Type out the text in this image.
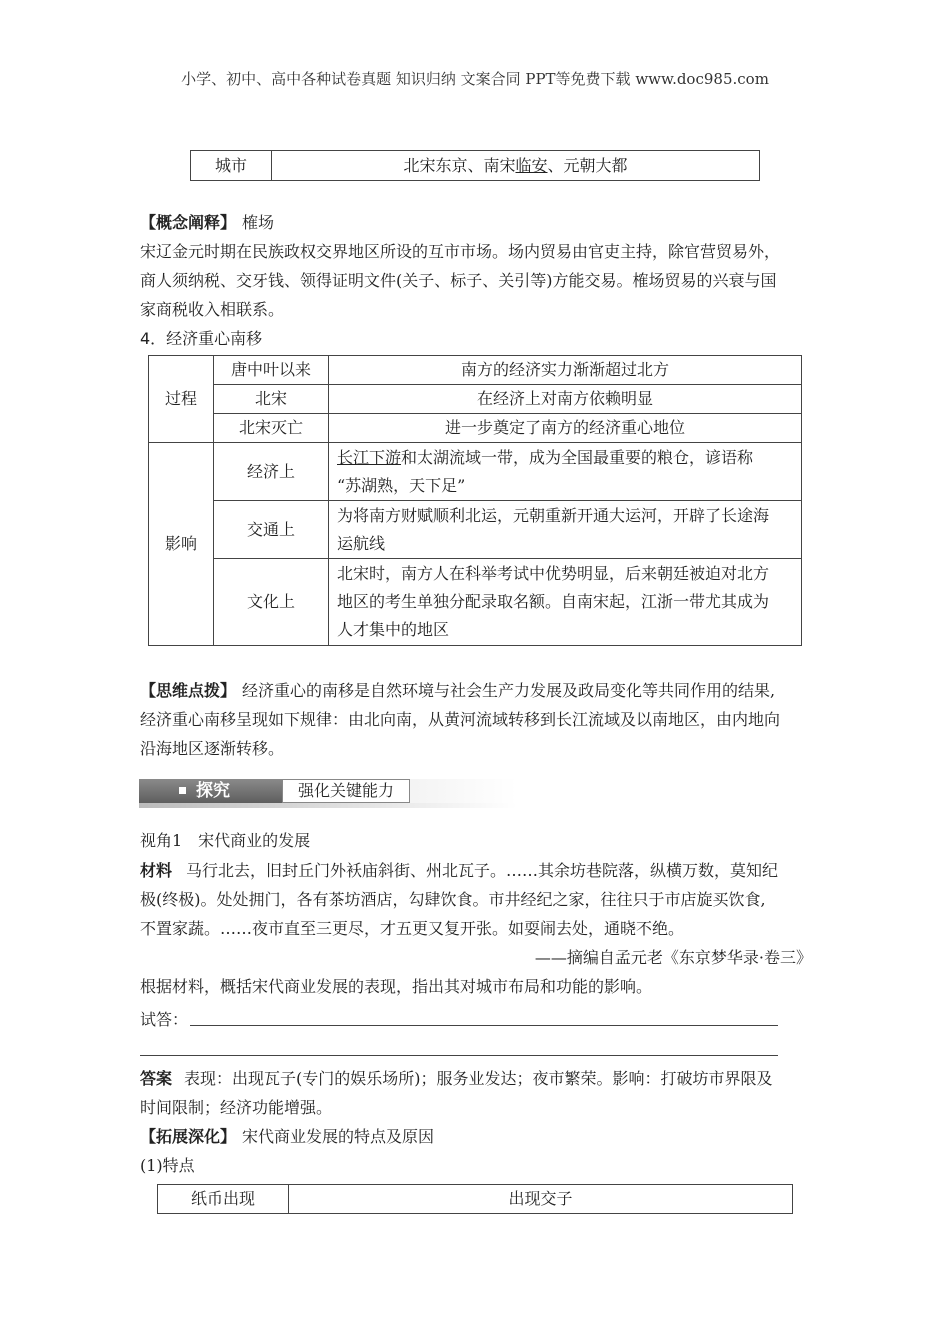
小学、初中、高中各种试卷真题 知识归纳 文案合同 PPT等免费下载 www.doc985.com
城市	北宋东京、南宋临安、元朝大都
【概念阐释】 榷场
宋辽金元时期在民族政权交界地区所设的互市市场。场内贸易由官吏主持，除官营贸易外，
商人须纳税、交牙钱、领得证明文件(关子、标子、关引等)方能交易。榷场贸易的兴衰与国
家商税收入相联系。
4．经济重心南移
过程	唐中叶以来	南方的经济实力渐渐超过北方
	北宋	在经济上对南方依赖明显
	北宋灭亡	进一步奠定了南方的经济重心地位
影响	经济上	长江下游和太湖流域一带，成为全国最重要的粮仓，谚语称
“苏湖熟，天下足”

	交通上	为将南方财赋顺利北运，元朝重新开通大运河，开辟了长途海
运航线

	文化上	北宋时，南方人在科举考试中优势明显，后来朝廷被迫对北方
地区的考生单独分配录取名额。自南宋起，江浙一带尤其成为
人才集中的地区
【思维点拨】 经济重心的南移是自然环境与社会生产力发展及政局变化等共同作用的结果,
经济重心南移呈现如下规律：由北向南，从黄河流域转移到长江流域及以南地区，由内地向
沿海地区逐渐转移。
探究	强化关键能力
视角1　宋代商业的发展
材料 马行北去，旧封丘门外袄庙斜街、州北瓦子。……其余坊巷院落，纵横万数，莫知纪
极(终极)。处处拥门，各有茶坊酒店，勾肆饮食。市井经纪之家，往往只于市店旋买饮食,
不置家蔬。……夜市直至三更尽，才五更又复开张。如耍闹去处，通晓不绝。
——摘编自孟元老《东京梦华录·卷三》
根据材料，概括宋代商业发展的表现，指出其对城市布局和功能的影响。
试答：
答案 表现：出现瓦子(专门的娱乐场所)；服务业发达；夜市繁荣。影响：打破坊市界限及
时间限制；经济功能增强。
【拓展深化】 宋代商业发展的特点及原因
(1)特点
纸币出现	出现交子
